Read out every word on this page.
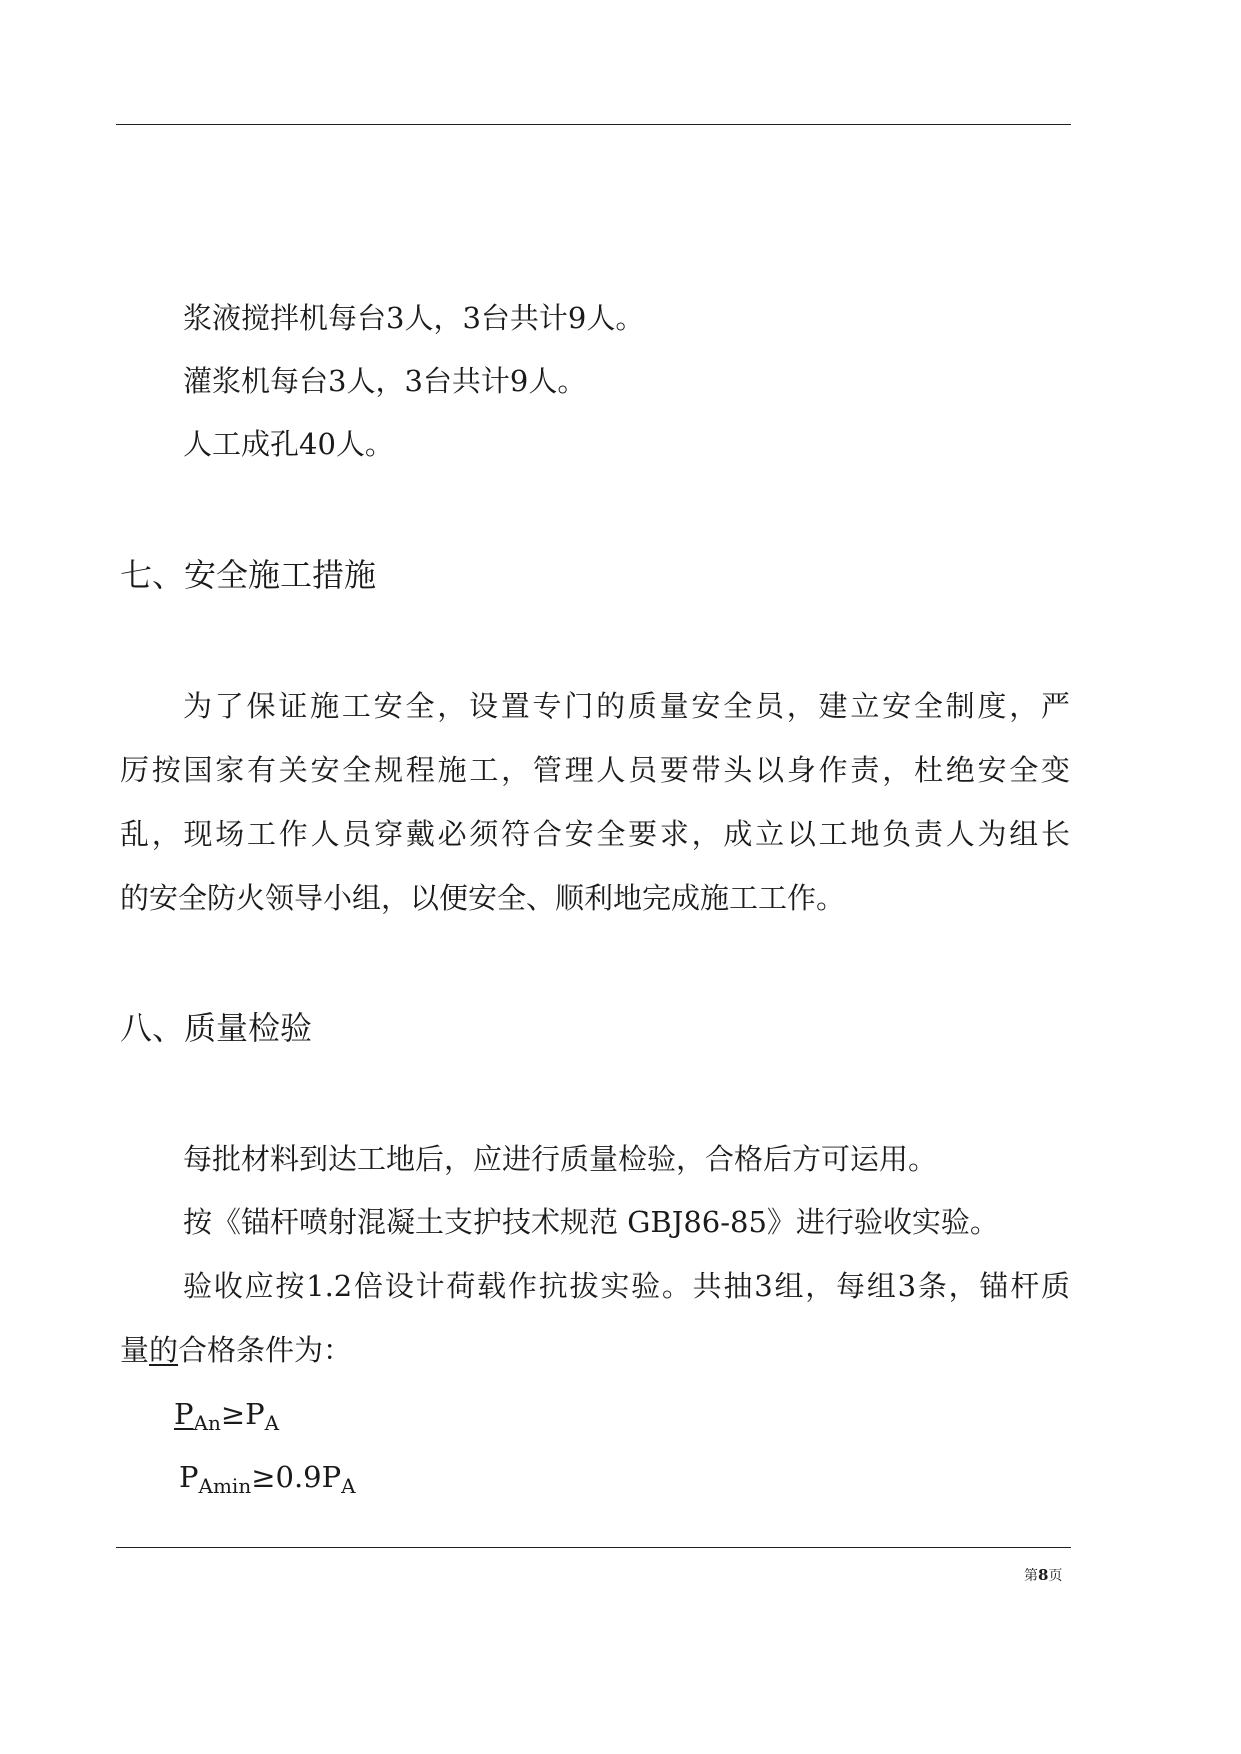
浆液搅拌机每台3人，3台共计9人。
灌浆机每台3人，3台共计9人。
人工成孔40人。
七、安全施工措施
为了保证施工安全，设置专门的质量安全员，建立安全制度，严
厉按国家有关安全规程施工，管理人员要带头以身作责，杜绝安全变
乱，现场工作人员穿戴必须符合安全要求，成立以工地负责人为组长
的安全防火领导小组，以便安全、顺利地完成施工工作。
八、质量检验
每批材料到达工地后，应进行质量检验，合格后方可运用。
按《锚杆喷射混凝土支护技术规范 GBJ86-85》进行验收实验。
验收应按1.2倍设计荷载作抗拔实验。共抽3组，每组3条，锚杆质
量的合格条件为：
$P_{An}\ge P_A$
$P_{Amin}\ge 0.9P_A$
第8页
